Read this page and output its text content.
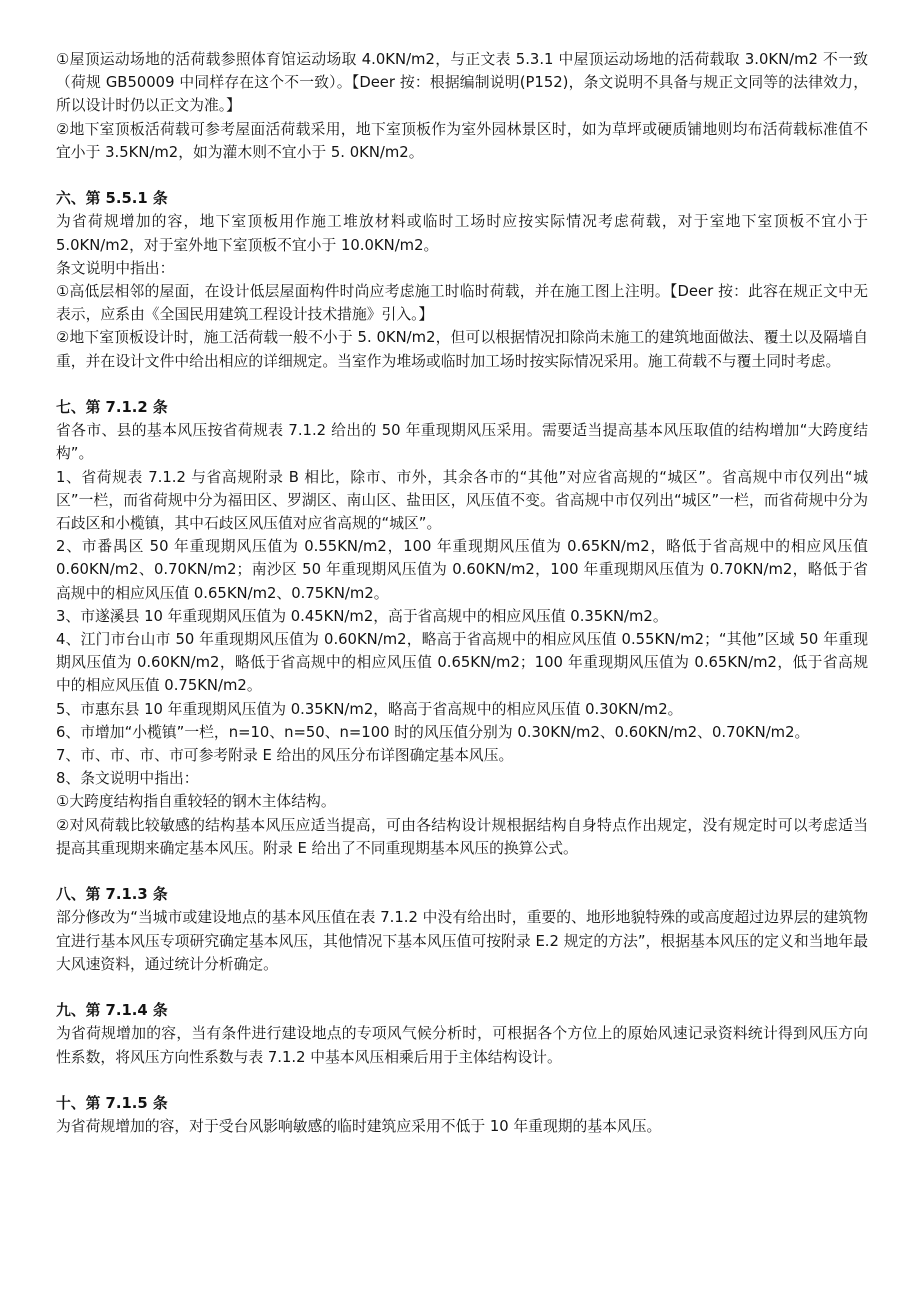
①屋顶运动场地的活荷载参照体育馆运动场取 4.0KN/m2，与正文表 5.3.1 中屋顶运动场地的活荷载取 3.0KN/m2 不一致（荷规 GB50009 中同样存在这个不一致）。【Deer 按：根据编制说明(P152)，条文说明不具备与规正文同等的法律效力，所以设计时仍以正文为准。】

②地下室顶板活荷载可参考屋面活荷载采用，地下室顶板作为室外园林景区时，如为草坪或硬质铺地则均布活荷载标准值不宜小于 3.5KN/m2，如为灌木则不宜小于 5. 0KN/m2。

六、第 5.5.1 条

为省荷规增加的容，地下室顶板用作施工堆放材料或临时工场时应按实际情况考虑荷载，对于室地下室顶板不宜小于 5.0KN/m2，对于室外地下室顶板不宜小于 10.0KN/m2。

条文说明中指出：

①高低层相邻的屋面，在设计低层屋面构件时尚应考虑施工时临时荷载，并在施工图上注明。【Deer 按：此容在规正文中无表示，应系由《全国民用建筑工程设计技术措施》引入。】

②地下室顶板设计时，施工活荷载一般不小于 5. 0KN/m2，但可以根据情况扣除尚未施工的建筑地面做法、覆土以及隔墙自重，并在设计文件中给出相应的详细规定。当室作为堆场或临时加工场时按实际情况采用。施工荷载不与覆土同时考虑。

七、第 7.1.2 条

省各市、县的基本风压按省荷规表 7.1.2 给出的 50 年重现期风压采用。需要适当提高基本风压取值的结构增加“大跨度结构”。

1、省荷规表 7.1.2 与省高规附录 B 相比，除市、市外，其余各市的“其他”对应省高规的“城区”。省高规中市仅列出“城区”一栏，而省荷规中分为福田区、罗湖区、南山区、盐田区，风压值不变。省高规中市仅列出“城区”一栏，而省荷规中分为石歧区和小榄镇，其中石歧区风压值对应省高规的“城区”。

2、市番禺区 50 年重现期风压值为 0.55KN/m2，100 年重现期风压值为 0.65KN/m2，略低于省高规中的相应风压值 0.60KN/m2、0.70KN/m2；南沙区 50 年重现期风压值为 0.60KN/m2，100 年重现期风压值为 0.70KN/m2，略低于省高规中的相应风压值 0.65KN/m2、0.75KN/m2。

3、市遂溪县 10 年重现期风压值为 0.45KN/m2，高于省高规中的相应风压值 0.35KN/m2。

4、江门市台山市 50 年重现期风压值为 0.60KN/m2，略高于省高规中的相应风压值 0.55KN/m2；“其他”区域 50 年重现期风压值为 0.60KN/m2，略低于省高规中的相应风压值 0.65KN/m2；100 年重现期风压值为 0.65KN/m2，低于省高规中的相应风压值 0.75KN/m2。

5、市惠东县 10 年重现期风压值为 0.35KN/m2，略高于省高规中的相应风压值 0.30KN/m2。

6、市增加“小榄镇”一栏，n=10、n=50、n=100 时的风压值分别为 0.30KN/m2、0.60KN/m2、0.70KN/m2。

7、市、市、市、市可参考附录 E 给出的风压分布详图确定基本风压。

8、条文说明中指出：

①大跨度结构指自重较轻的钢木主体结构。

②对风荷载比较敏感的结构基本风压应适当提高，可由各结构设计规根据结构自身特点作出规定，没有规定时可以考虑适当提高其重现期来确定基本风压。附录 E 给出了不同重现期基本风压的换算公式。

八、第 7.1.3 条

部分修改为“当城市或建设地点的基本风压值在表 7.1.2 中没有给出时，重要的、地形地貌特殊的或高度超过边界层的建筑物宜进行基本风压专项研究确定基本风压，其他情况下基本风压值可按附录 E.2 规定的方法”，根据基本风压的定义和当地年最大风速资料，通过统计分析确定。

九、第 7.1.4 条

为省荷规增加的容，当有条件进行建设地点的专项风气候分析时，可根据各个方位上的原始风速记录资料统计得到风压方向性系数，将风压方向性系数与表 7.1.2 中基本风压相乘后用于主体结构设计。

十、第 7.1.5 条

为省荷规增加的容，对于受台风影响敏感的临时建筑应采用不低于 10 年重现期的基本风压。
